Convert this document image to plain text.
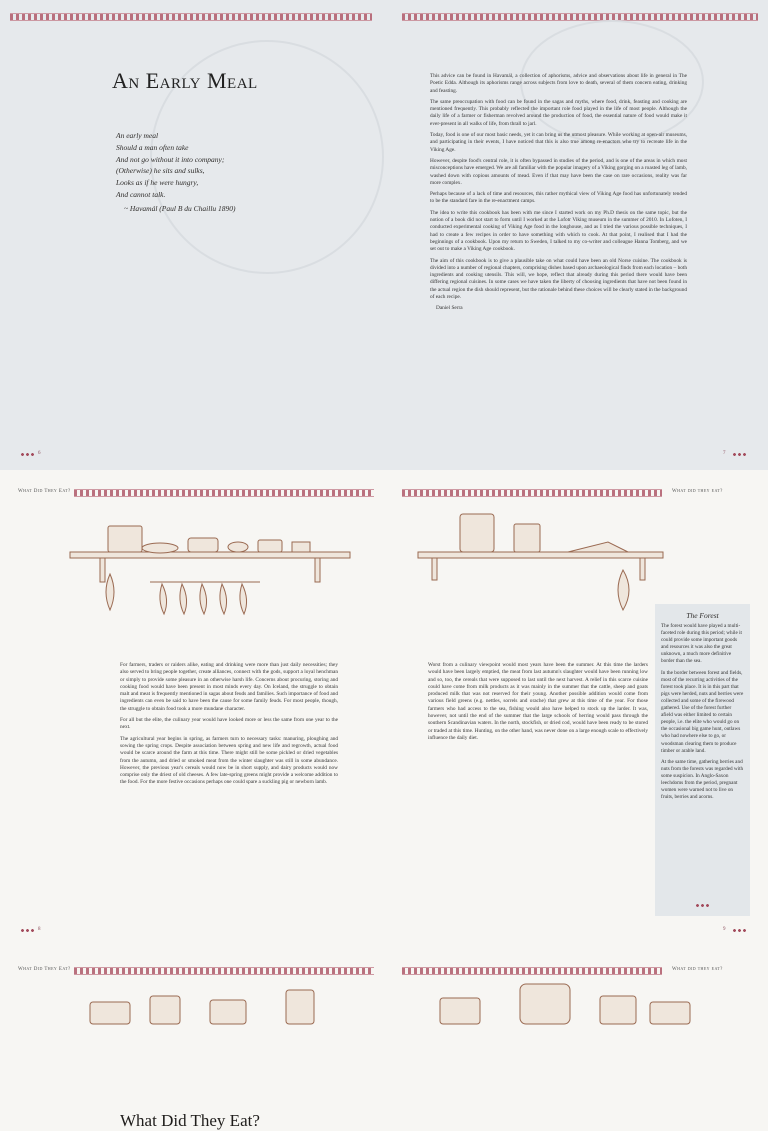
An Early Meal
An early meal
Should a man often take
And not go without it into company;
(Otherwise) he sits and sulks,
Looks as if he were hungry,
And cannot talk.
~ Havamál (Paul B du Chaillu 1890)

This advice can be found in Havamál, a collection of aphorisms, advice and observations about life in general in The Poetic Edda. Although its aphorisms range across subjects from love to death, several of them concern eating, drinking and feasting.

The same preoccupation with food can be found in the sagas and myths, where food, drink, feasting and cooking are mentioned frequently. This probably reflected the important role food played in the life of most people. Although the daily life of a farmer or fisherman revolved around the production of food, the essential nature of food would make it ever-present in all walks of life, from thrall to jarl.

Today, food is one of our most basic needs, yet it can bring us the utmost pleasure. While working at open-air museums, and participating in their events, I have noticed that this is also true among re-enactors who try to recreate life in the Viking Age.

However, despite food's central role, it is often bypassed in studies of the period, and is one of the areas in which most misconceptions have emerged. We are all familiar with the popular imagery of a Viking gorging on a roasted leg of lamb, washed down with copious amounts of mead. Even if that may have been the case on rare occasions, reality was far more complex.

Perhaps because of a lack of time and resources, this rather mythical view of Viking Age food has unfortunately tended to be the standard fare in the re-enactment camps.

The idea to write this cookbook has been with me since I started work on my Ph.D thesis on the same topic, but the notion of a book did not start to form until I worked at the Lofotr Viking museum in the summer of 2010. In Lofoten, I conducted experimental cooking of Viking Age food in the longhouse, and as I tried the various possible techniques, I had to create a few recipes in order to have something with which to cook. At that point, I realised that I had the beginnings of a cookbook. Upon my return to Sweden, I talked to my co-writer and colleague Hanna Tomberg, and we set out to make a Viking Age cookbook.

The aim of this cookbook is to give a plausible take on what could have been an old Norse cuisine. The cookbook is divided into a number of regional chapters, comprising dishes based upon archaeological finds from each location – both ingredients and cooking utensils. This will, we hope, reflect that already during this period there would have been differing regional cuisines. In some cases we have taken the liberty of choosing ingredients that have not been found in the actual region the dish should represent, but the rationale behind these choices will be clearly stated in the background of each recipe.

Daniel Serra
6	7
What Did They Eat?	What did they eat?
What Did They Eat?

For farmers, traders or raiders alike, eating and drinking were more than just daily necessities; they also served to bring people together, create alliances, connect with the gods, support a loyal henchman or simply to provide some pleasure in an otherwise harsh life. Concerns about procuring, storing and cooking food would have been present in most minds every day. On Iceland, the struggle to obtain malt and meat is frequently mentioned in sagas about feuds and families. Such importance of food and ingredients can even be said to have been the cause for some family feuds. For most people, though, the struggle to obtain food took a more mundane character.

For all but the elite, the culinary year would have looked more or less the same from one year to the next.

The agricultural year begins in spring, as farmers turn to necessary tasks: manuring, ploughing and sowing the spring crops. Despite association between spring and new life and regrowth, actual food would be scarce around the farm at this time. There might still be some pickled or dried vegetables from the autumn, and dried or smoked meat from the winter slaughter was still in some abundance. However, the previous year's cereals would now be in short supply, and dairy products would now comprise only the driest of old cheeses. A few late-spring greens might provide a welcome addition to the food. For the more festive occasions perhaps one could spare a suckling pig or newborn lamb.

Worst from a culinary viewpoint would most years have been the summer. At this time the larders would have been largely emptied, the meat from last autumn's slaughter would have been running low and so, too, the cereals that were supposed to last until the next harvest. A relief in this scarce cuisine could have come from milk products as it was mainly in the summer that the cattle, sheep and goats produced milk that was not reserved for their young. Another possible addition would come from various field greens (e.g. nettles, sorrels and orache) that grew at this time of the year. For those farmers who had access to the sea, fishing would also have helped to stock up the larder. It was, however, not until the end of the summer that the large schools of herring would pass through the southern Scandinavian waters. In the north, stockfish, or dried cod, would have been ready to be stored or traded at this time. Hunting, on the other hand, was never done on a large enough scale to effectively influence the daily diet.

8	9
The Forest

The forest would have played a multi-faceted role during this period; while it could provide some important goods and resources it was also the great unknown, a much more definitive border than the sea.

In the border between forest and fields, most of the recurring activities of the forest took place. It is in this part that pigs were herded, nuts and berries were collected and some of the firewood gathered. Use of the forest further afield was either limited to certain people, i.e. the elite who would go on the occasional big game hunt, outlaws who had nowhere else to go, or woodsman clearing them to produce timber or arable land.

At the same time, gathering berries and nuts from the forests was regarded with some suspicion. In Anglo-Saxon leechdoms from the period, pregnant women were warned not to live on fruits, berries and acorns.

What Did They Eat?	What did they eat?
